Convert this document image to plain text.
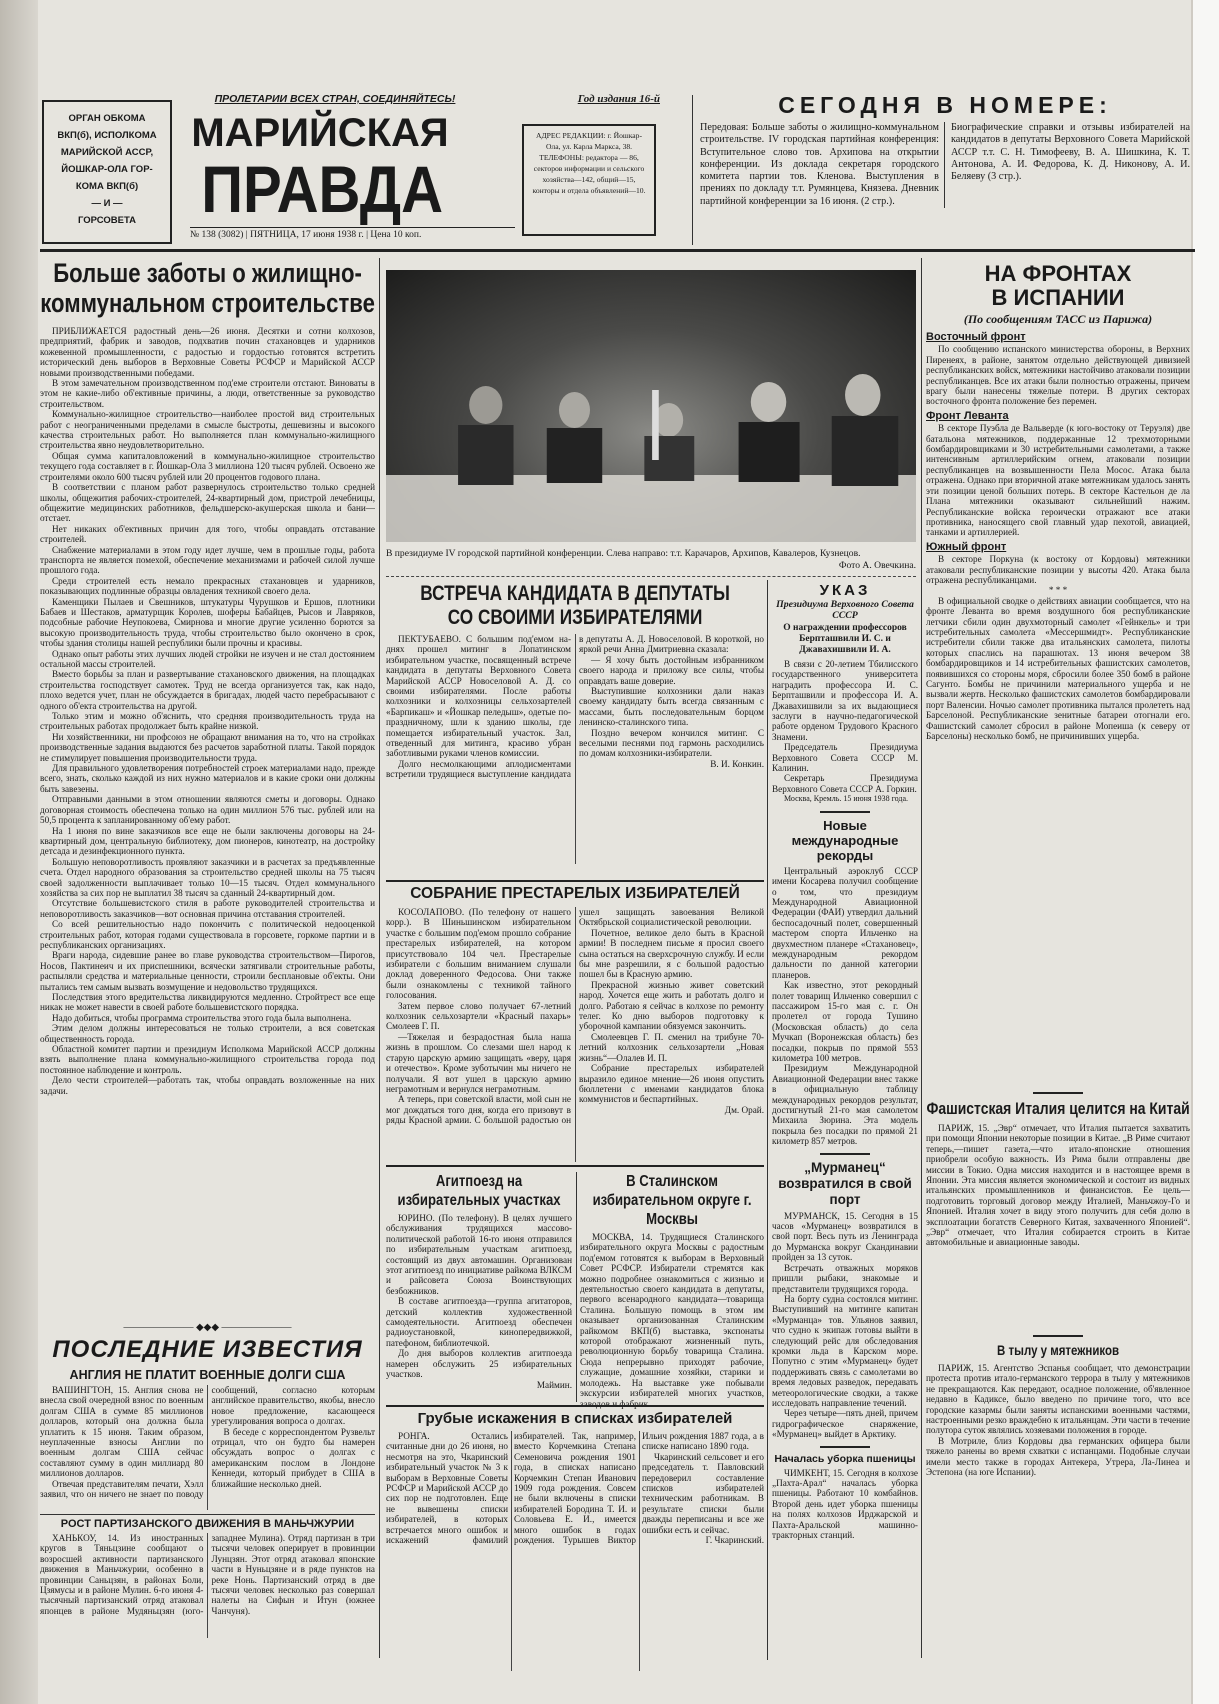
ОРГАН ОБКОМА
ВКП(б), ИСПОЛКОМА
МАРИЙСКОЙ АССР,
ЙОШКАР-ОЛА ГОР-
КОМА ВКП(б)
— И —
ГОРСОВЕТА
ПРОЛЕТАРИИ ВСЕХ СТРАН, СОЕДИНЯЙТЕСЬ!
МАРИЙСКАЯ
ПРАВДА
№ 138 (3082) | ПЯТНИЦА, 17 июня 1938 г. | Цена 10 коп.
Год издания 16-й
АДРЕС РЕДАКЦИИ: г. Йошкар-Ола, ул. Карла Маркса, 38. ТЕЛЕФОНЫ: редактора — 86, секторов информации и сельского хозяйства—142, общий—15, конторы и отдела объявлений—10.
СЕГОДНЯ В НОМЕРЕ:
Передовая: Больше заботы о жилищно-коммунальном строительстве. IV городская партийная конференция: Вступительное слово тов. Архипова на открытии конференции. Из доклада секретаря городского комитета партии тов. Кленова. Выступления в прениях по докладу т.т. Румянцева, Князева. Дневник партийной конференции за 16 июня. (2 стр.).
Биографические справки и отзывы избирателей на кандидатов в депутаты Верховного Совета Марийской АССР т.т. С. Н. Тимофееву, В. А. Шишкина, К. Т. Антонова, А. И. Федорова, К. Д. Никонову, А. И. Беляеву (3 стр.).
Больше заботы о жилищно-коммунальном строительстве

ПРИБЛИЖАЕТСЯ радостный день—26 июня. Десятки и сотни колхозов, предприятий, фабрик и заводов, подхватив почин стахановцев и ударников кожевенной промышленности, с радостью и гордостью готовятся встретить исторический день выборов в Верховные Советы РСФСР и Марийской АССР новыми производственными победами.

В этом замечательном производственном под'еме строители отстают. Виноваты в этом не какие-либо об'ективные причины, а люди, ответственные за руководство строительством.

Коммунально-жилищное строительство—наиболее простой вид строительных работ с неограниченными пределами в смысле быстроты, дешевизны и высокого качества строительных работ. Но выполняется план коммунально-жилищного строительства явно неудовлетворительно.

Общая сумма капиталовложений в коммунально-жилищное строительство текущего года составляет в г. Йошкар-Ола 3 миллиона 120 тысяч рублей. Освоено же строителями около 600 тысяч рублей или 20 процентов годового плана.

В соответствии с планом работ развернулось строительство только средней школы, общежития рабочих-строителей, 24-квартирный дом, пристрой лечебницы, общежитие медицинских работников, фельдшерско-акушерская школа и бани—отстает.

Нет никаких об'ективных причин для того, чтобы оправдать отставание строителей.

Снабжение материалами в этом году идет лучше, чем в прошлые годы, работа транспорта не является помехой, обеспечение механизмами и рабочей силой лучше прошлого года.

Среди строителей есть немало прекрасных стахановцев и ударников, показывающих подлинные образцы овладения техникой своего дела.

Каменщики Пылаев и Свешников, штукатуры Чурушков и Ершов, плотники Бабаев и Шестаков, арматурщик Королев, шоферы Бабайцев, Рысов и Лавряков, подсобные рабочие Неупокоева, Смирнова и многие другие усиленно борются за высокую производительность труда, чтобы строительство было окончено в срок, чтобы здания столицы нашей республики были прочны и красивы.

Однако опыт работы этих лучших людей стройки не изучен и не стал достоянием остальной массы строителей.

Вместо борьбы за план и развертывание стахановского движения, на площадках строительства господствует самотек. Труд не всегда организуется так, как надо, плохо ведется учет, план не обсуждается в бригадах, людей часто перебрасывают с одного об'екта строительства на другой.

Только этим и можно об'яснить, что средняя производительность труда на строительных работах продолжает быть крайне низкой.

Ни хозяйственники, ни профсоюз не обращают внимания на то, что на стройках производственные задания выдаются без расчетов заработной платы. Такой порядок не стимулирует повышения производительности труда.

Для правильного удовлетворения потребностей строек материалами надо, прежде всего, знать, сколько каждой из них нужно материалов и в какие сроки они должны быть завезены.

Отправными данными в этом отношении являются сметы и договоры. Однако договорная стоимость обеспечена только на один миллион 576 тыс. рублей или на 50,5 процента к запланированному об'ему работ.

На 1 июня по вине заказчиков все еще не были заключены договоры на 24-квартирный дом, центральную библиотеку, дом пионеров, кинотеатр, на достройку детсада и дезинфекционного пункта.

Большую неповоротливость проявляют заказчики и в расчетах за предъявленные счета. Отдел народного образования за строительство средней школы на 75 тысяч своей задолженности выплачивает только 10—15 тысяч. Отдел коммунального хозяйства за сих пор не выплатил 38 тысяч за сданный 24-квартирный дом.

Отсутствие большевистского стиля в работе руководителей строительства и неповоротливость заказчиков—вот основная причина отставания строителей.

Со всей решительностью надо покончить с политической недооценкой строительных работ, которая годами существовала в горсовете, горкоме партии и в республиканских организациях.

Враги народа, сидевшие ранее во главе руководства строительством—Пирогов, Носов, Пактинеич и их приспешники, всячески затягивали строительные работы, распыляли средства и материальные ценности, строили бесплановые об'екты. Они пытались тем самым вызвать возмущение и недовольство трудящихся.

Последствия этого вредительства ликвидируются медленно. Стройтрест все еще никак не может навести в своей работе большевистского порядка.

Надо добиться, чтобы программа строительства этого года была выполнена.

Этим делом должны интересоваться не только строители, а вся советская общественность города.

Областной комитет партии и президиум Исполкома Марийской АССР должны взять выполнение плана коммунально-жилищного строительства города под постоянное наблюдение и контроль.

Дело чести строителей—работать так, чтобы оправдать возложенные на них задачи.

——————— ◆◆◆ ———————
ПОСЛЕДНИЕ ИЗВЕСТИЯ
АНГЛИЯ НЕ ПЛАТИТ ВОЕННЫЕ ДОЛГИ США

ВАШИНГТОН, 15. Англия снова не внесла свой очередной взнос по военным долгам США в сумме 85 миллионов долларов, который она должна была уплатить к 15 июня. Таким образом, неуплаченные взносы Англии по военным долгам США сейчас составляют сумму в один миллиард 80 миллионов долларов.

Отвечая представителям печати, Хэлл заявил, что он ничего не знает по поводу сообщений, согласно которым английское правительство, якобы, внесло новое предложение, касающееся урегулирования вопроса о долгах.

В беседе с корреспондентом Рузвельт отрицал, что он будто бы намерен обсуждать вопрос о долгах с американским послом в Лондоне Кеннеди, который прибудет в США в ближайшие несколько дней.

РОСТ ПАРТИЗАНСКОГО ДВИЖЕНИЯ В МАНЬЧЖУРИИ

ХАНЬКОУ, 14. Из иностранных кругов в Тяньцзине сообщают о возросшей активности партизанского движения в Маньчжурии, особенно в провинции Саньцзян, в районах Боли, Цзямусы и в районе Мулин. 6-го июня 4-тысячный партизанский отряд атаковал японцев в районе Мудяньцзян (юго-западнее Мулина). Отряд партизан в три тысячи человек оперирует в провинции Лунцзян. Этот отряд атаковал японские части в Нуньцзяне и в ряде пунктов на реке Нонь. Партизанский отряд в две тысячи человек несколько раз совершал налеты на Сифын и Итун (южнее Чанчуня).

В президиуме IV городской партийной конференции. Слева направо: т.т. Карачаров, Архипов, Кавалеров, Кузнецов.
Фото А. Овечкина.
ВСТРЕЧА КАНДИДАТА В ДЕПУТАТЫ
СО СВОИМИ ИЗБИРАТЕЛЯМИ

ПЕКТУБАЕВО. С большим под'емом на-днях прошел митинг в Лопатинском избирательном участке, посвященный встрече кандидата в депутаты Верховного Совета Марийской АССР Новоселовой А. Д. со своими избирателями. После работы колхозники и колхозницы сельхозартелей «Барпикаш» и «Йошкар пеледыш», одетые по-праздничному, шли к зданию школы, где помещается избирательный участок. Зал, отведенный для митинга, красиво убран заботливыми руками членов комиссии.

Долго несмолкающими аплодисментами встретили трудящиеся выступление кандидата в депутаты А. Д. Новоселовой. В короткой, но яркой речи Анна Дмитриевна сказала:

— Я хочу быть достойным избранником своего народа и приложу все силы, чтобы оправдать ваше доверие.

Выступившие колхозники дали наказ своему кандидату быть всегда связанным с массами, быть последовательным борцом ленинско-сталинского типа.

Поздно вечером кончился митинг. С веселыми песнями под гармонь расходились по домам колхозники-избиратели.

В. И. Конкин.
СОБРАНИЕ ПРЕСТАРЕЛЫХ ИЗБИРАТЕЛЕЙ

КОСОЛАПОВО. (По телефону от нашего корр.). В Шиньшинском избирательном участке с большим под'емом прошло собрание престарелых избирателей, на котором присутствовало 104 чел. Престарелые избиратели с большим вниманием слушали доклад доверенного Федосова. Они также были ознакомлены с техникой тайного голосования.

Затем первое слово получает 67-летний колхозник сельхозартели «Красный пахарь» Смолеев Г. П.

—Тяжелая и безрадостная была наша жизнь в прошлом. Со слезами шел народ к старую царскую армию защищать «веру, царя и отечество». Кроме зуботычин мы ничего не получали. Я вот ушел в царскую армию неграмотным и вернулся неграмотным.

А теперь, при советской власти, мой сын не мог дождаться того дня, когда его призовут в ряды Красной армии. С большой радостью он ушел защищать завоевания Великой Октябрьской социалистической революции.

Почетное, великое дело быть в Красной армии! В последнем письме я просил своего сына остаться на сверхсрочную службу. И если бы мне разрешили, я с большой радостью пошел бы в Красную армию.

Прекрасной жизнью живет советский народ. Хочется еще жить и работать долго и долго. Работаю я сейчас в колхозе по ремонту телег. Ко дню выборов подготовку к уборочной кампании обязуемся закончить.

Смолеевцев Г. П. сменил на трибуне 70-летний колхозник сельхозартели „Новая жизнь“—Олалев И. П.

Собрание престарелых избирателей выразило единое мнение—26 июня опустить бюллетени с именами кандидатов блока коммунистов и беспартийных.

Дм. Орай.
Агитпоезд на избирательных участках

ЮРИНО. (По телефону). В целях лучшего обслуживания трудящихся массово-политической работой 16-го июня отправился по избирательным участкам агитпоезд, состоящий из двух автомашин. Организован этот агитпоезд по инициативе райкома ВЛКСМ и райсовета Союза Воинствующих безбожников.

В составе агитпоезда—группа агитаторов, детский коллектив художественной самодеятельности. Агитпоезд обеспечен радиоустановкой, кинопередвижкой, патефоном, библиотечкой.

До дня выборов коллектив агитпоезда намерен обслужить 25 избирательных участков.

Маймин.
В Сталинском избирательном округе г. Москвы

МОСКВА, 14. Трудящиеся Сталинского избирательного округа Москвы с радостным под'емом готовятся к выборам в Верховный Совет РСФСР. Избиратели стремятся как можно подробнее ознакомиться с жизнью и деятельностью своего кандидата в депутаты, первого всенародного кандидата—товарища Сталина. Большую помощь в этом им оказывает организованная Сталинским райкомом ВКП(б) выставка, экспонаты которой отображают жизненный путь, революционную борьбу товарища Сталина. Сюда непрерывно приходят рабочие, служащие, домашние хозяйки, старики и молодежь. На выставке уже побывали экскурсии избирателей многих участков, заводов и фабрик.

Грубые искажения в списках избирателей

РОНГА. Остались считанные дни до 26 июня, но несмотря на это, Чкаринский избирательный участок № 3 к выборам в Верховные Советы РСФСР и Марийской АССР до сих пор не подготовлен. Еще не вывешены списки избирателей, в которых встречается много ошибок и искажений фамилий избирателей. Так, например, вместо Корчемкина Степана Семеновича рождения 1901 года, в списках написано Корчемкин Степан Иванович 1909 года рождения. Совсем не были включены в списки избирателей Бородина Т. И. и Соловьева Е. И., имеется много ошибок в годах рождения. Турышев Виктор Ильич рождения 1887 года, а в списке написано 1890 года.

Чкаринский сельсовет и его председатель т. Павловский передоверил составление списков избирателей техническим работникам. В результате списки были дважды переписаны и все же ошибки есть и сейчас.

Г. Чкаринский.
УКАЗ
Президиума Верховного Совета СССР
О награждении профессоров Берпташвили И. С. и Джавахишвили И. А.

В связи с 20-летием Тбилисского государственного университета наградить профессора И. С. Берпташвили и профессора И. А. Джавахишвили за их выдающиеся заслуги в научно-педагогической работе орденом Трудового Красного Знамени.

Председатель Президиума Верховного Совета СССР М. Калинин.

Секретарь Президиума Верховного Совета СССР А. Горкин.

Москва, Кремль. 15 июня 1938 года.

Новые международные рекорды

Центральный аэроклуб СССР имени Косарева получил сообщение о том, что президиум Международной Авиационной Федерации (ФАИ) утвердил дальний беспосадочный полет, совершенный мастером спорта Ильченко на двухместном планере «Стахановец», международным рекордом дальности по данной категории планеров.

Как известно, этот рекордный полет товарищ Ильченко совершил с пассажиром 15-го мая с. г. Он пролетел от города Тушино (Московская область) до села Мучкап (Воронежская область) без посадки, покрыв по прямой 553 километра 100 метров.

Президиум Международной Авиационной Федерации внес также в официальную таблицу международных рекордов результат, достигнутый 21-го мая самолетом Михаила Зюрина. Эта модель покрыла без посадки по прямой 21 километр 857 метров.

„Мурманец“ возвратился в свой порт

МУРМАНСК, 15. Сегодня в 15 часов «Мурманец» возвратился в свой порт. Весь путь из Ленинграда до Мурманска вокруг Скандинавии пройден за 13 суток.

Встречать отважных моряков пришли рыбаки, знакомые и представители трудящихся города.

На борту судна состоялся митинг. Выступивший на митинге капитан «Мурманца» тов. Ульянов заявил, что судно к экипаж готовы выйти в следующий рейс для обследования кромки льда в Карском море. Попутно с этим «Мурманец» будет поддерживать связь с самолетами во время ледовых разведок, передавать метеорологические сводки, а также исследовать направление течений.

Через четыре—пять дней, причем гидрографическое снаряжение, «Мурманец» выйдет в Арктику.

Началась уборка пшеницы

ЧИМКЕНТ, 15. Сегодня в колхозе „Пахта-Арал“ началась уборка пшеницы. Работают 10 комбайнов. Второй день идет уборка пшеницы на полях колхозов Ирджарской и Пахта-Аральской машинно-тракторных станций.

НА ФРОНТАХ
В ИСПАНИИ
(По сообщениям ТАСС из Парижа)
Восточный фронт

По сообщению испанского министерства обороны, в Верхних Пиренеях, в районе, занятом отдельно действующей дивизией республиканских войск, мятежники настойчиво атаковали позиции республиканцев. Все их атаки были полностью отражены, причем врагу были нанесены тяжелые потери. В других секторах восточного фронта положение без перемен.

Фронт Леванта

В секторе Пуэбла де Вальверде (к юго-востоку от Теруэля) две батальона мятежников, поддержанные 12 трехмоторными бомбардировщиками и 30 истребительными самолетами, а также интенсивным артиллерийским огнем, атаковали позиции республиканцев на возвышенности Пела Мосос. Атака была отражена. Однако при вторичной атаке мятежникам удалось занять эти позиции ценой больших потерь. В секторе Кастельон де ла Плана мятежники оказывают сильнейший нажим. Республиканские войска героически отражают все атаки противника, наносящего свой главный удар пехотой, авиацией, танками и артиллерией.

Южный фронт

В секторе Поркуна (к востоку от Кордовы) мятежники атаковали республиканские позиции у высоты 420. Атака была отражена республиканцами.

* * *

В официальной сводке о действиях авиации сообщается, что на фронте Леванта во время воздушного боя республиканские летчики сбили один двухмоторный самолет «Гейнкель» и три истребительных самолета «Мессершмидт». Республиканские истребители сбили также два итальянских самолета, пилоты которых спаслись на парашютах. 13 июня вечером 38 бомбардировщиков и 14 истребительных фашистских самолетов, появившихся со стороны моря, сбросили более 350 бомб в районе Сагунто. Бомбы не причинили материального ущерба и не вызвали жертв. Несколько фашистских самолетов бомбардировали порт Валенсии. Ночью самолет противника пытался пролететь над Барселоной. Республиканские зенитные батареи отогнали его. Фашистский самолет сбросил в районе Мопеиша (к северу от Барселоны) несколько бомб, не причинивших ущерба.

Фашистская Италия целится на Китай

ПАРИЖ, 15. „Эвр“ отмечает, что Италия пытается захватить при помощи Японии некоторые позиции в Китае. „В Риме считают теперь,—пишет газета,—что итало-японские отношения приобрели особую важность. Из Рима были отправлены две миссии в Токио. Одна миссия находится и в настоящее время в Японии. Эта миссия является экономической и состоит из видных итальянских промышленников и финансистов. Ее цель—подготовить торговый договор между Италией, Маньчжоу-Го и Японией. Италия хочет в виду этого получить для себя долю в эксплоатации богатств Северного Китая, захваченного Японией“. „Эвр“ отмечает, что Италия собирается строить в Китае автомобильные и авиационные заводы.

В тылу у мятежников

ПАРИЖ, 15. Агентство Эспанья сообщает, что демонстрации протеста против итало-германского террора в тылу у мятежников не прекращаются. Как передают, осадное положение, об'явленное недавно в Кадиксе, было введено по причине того, что все городские казармы были заняты испанскими военными частями, настроенными резко враждебно к итальянцам. Эти части в течение полутора суток являлись хозяевами положения в городе.

В Мотриле, близ Кордовы два германских офицера были тяжело ранены во время схватки с испанцами. Подобные случаи имели место также в городах Антекера, Утрера, Ла-Линеа и Эстепона (на юге Испании).
